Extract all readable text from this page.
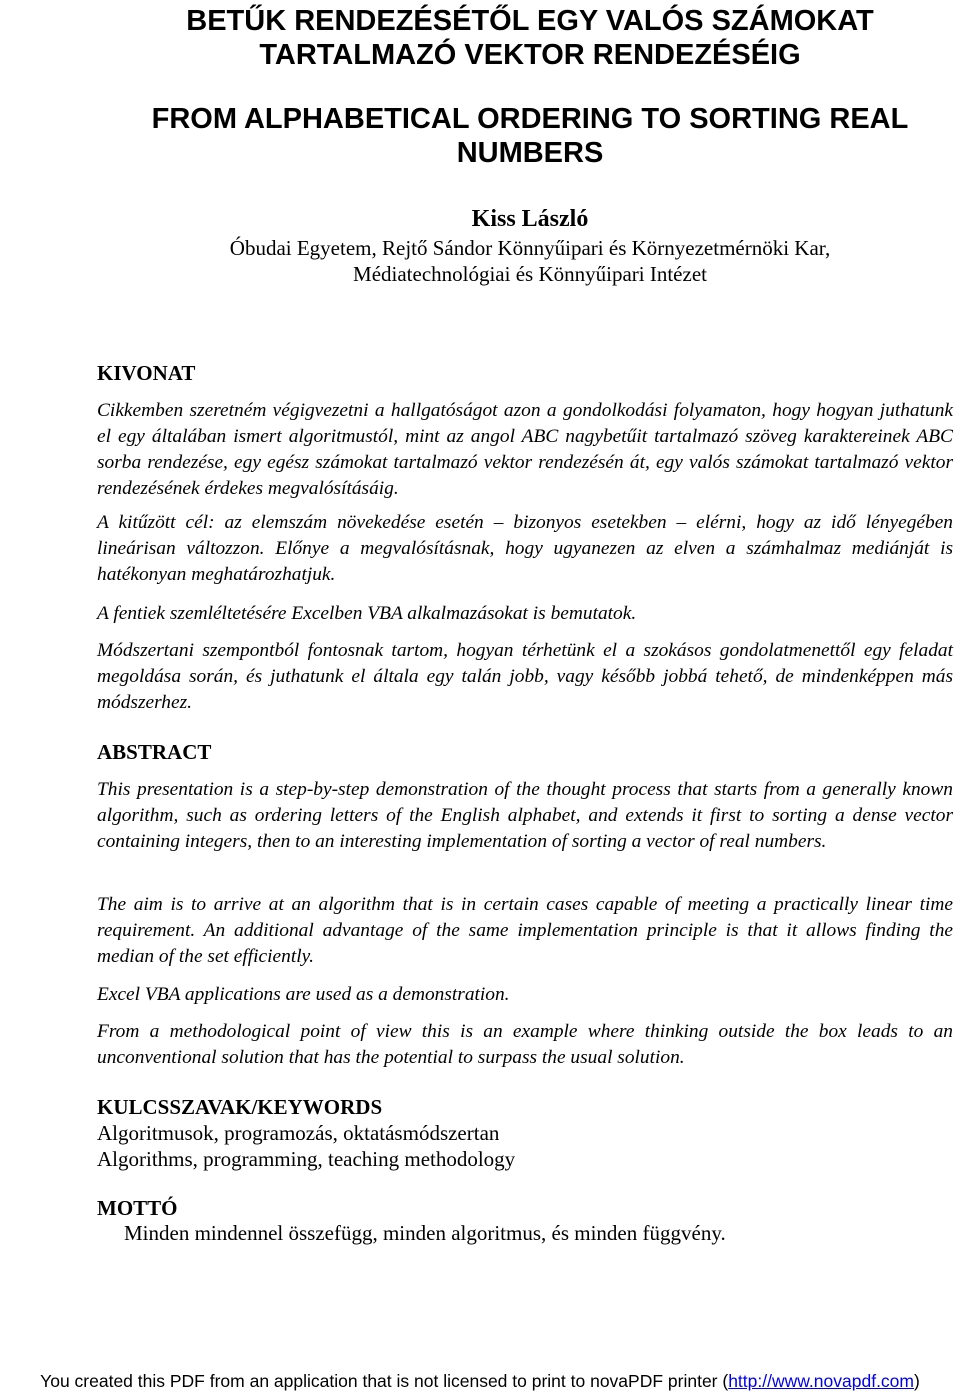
BETŰK RENDEZÉSÉTŐL EGY VALÓS SZÁMOKAT TARTALMAZÓ VEKTOR RENDEZÉSÉIG
FROM ALPHABETICAL ORDERING TO SORTING REAL NUMBERS
Kiss László
Óbudai Egyetem, Rejtő Sándor Könnyűipari és Környezetmérnöki Kar,
Médiatechnológiai és Könnyűipari Intézet
KIVONAT

Cikkemben szeretném végigvezetni a hallgatóságot azon a gondolkodási folyamaton, hogy hogyan juthatunk el egy általában ismert algoritmustól, mint az angol ABC nagybetűit tartalmazó szöveg karaktereinek ABC sorba rendezése, egy egész számokat tartalmazó vektor rendezésén át, egy valós számokat tartalmazó vektor rendezésének érdekes megvalósításáig.

A kitűzött cél: az elemszám növekedése esetén – bizonyos esetekben – elérni, hogy az idő lényegében lineárisan változzon. Előnye a megvalósításnak, hogy ugyanezen az elven a számhalmaz mediánját is hatékonyan meghatározhatjuk.

A fentiek szemléltetésére Excelben VBA alkalmazásokat is bemutatok.

Módszertani szempontból fontosnak tartom, hogyan térhetünk el a szokásos gondolatmenettől egy feladat megoldása során, és juthatunk el általa egy talán jobb, vagy később jobbá tehető, de mindenképpen más módszerhez.

ABSTRACT

This presentation is a step-by-step demonstration of the thought process that starts from a generally known algorithm, such as ordering letters of the English alphabet, and extends it first to sorting a dense vector containing integers, then to an interesting implementation of sorting a vector of real numbers.

The aim is to arrive at an algorithm that is in certain cases capable of meeting a practically linear time requirement. An additional advantage of the same implementation principle is that it allows finding the median of the set efficiently.

Excel VBA applications are used as a demonstration.

From a methodological point of view this is an example where thinking outside the box leads to an unconventional solution that has the potential to surpass the usual solution.

KULCSSZAVAK/KEYWORDS

Algoritmusok, programozás, oktatásmódszertan

Algorithms, programming, teaching methodology

MOTTÓ

Minden mindennel összefügg, minden algoritmus, és minden függvény.

You created this PDF from an application that is not licensed to print to novaPDF printer (http://www.novapdf.com)
